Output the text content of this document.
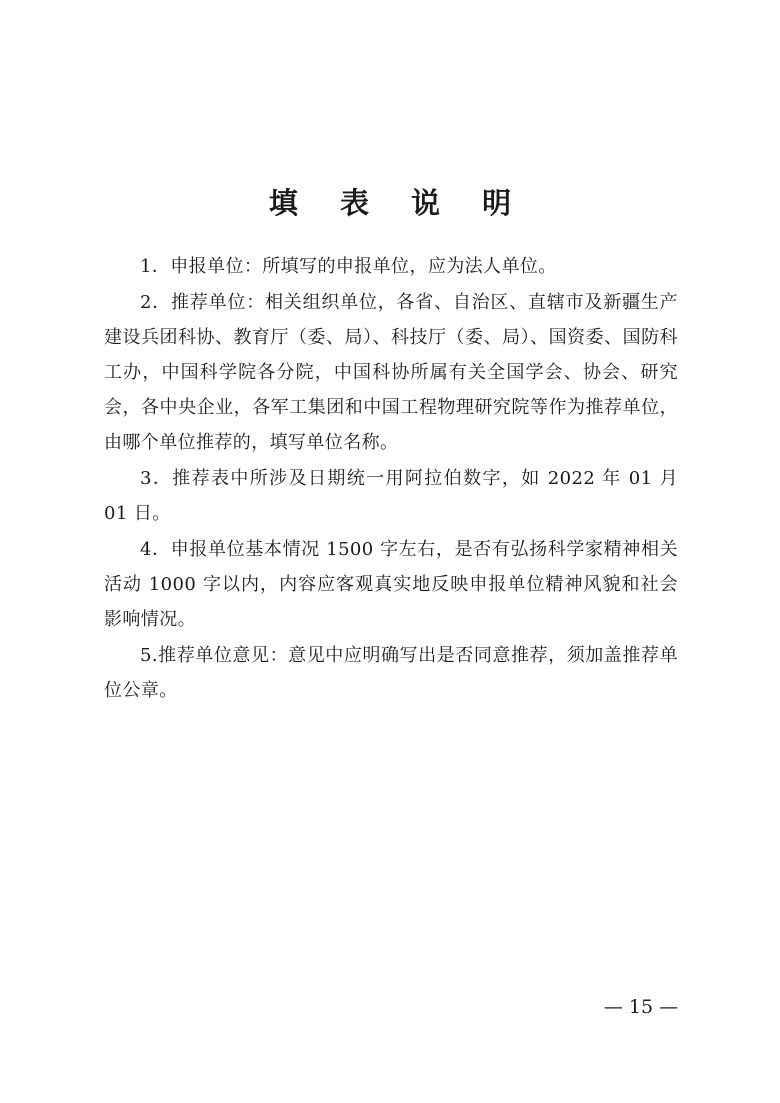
填 表 说 明

1．申报单位：所填写的申报单位，应为法人单位。

2．推荐单位：相关组织单位，各省、自治区、直辖市及新疆生产建设兵团科协、教育厅（委、局）、科技厅（委、局）、国资委、国防科工办，中国科学院各分院，中国科协所属有关全国学会、协会、研究会，各中央企业，各军工集团和中国工程物理研究院等作为推荐单位，由哪个单位推荐的，填写单位名称。

3．推荐表中所涉及日期统一用阿拉伯数字，如 2022 年 01 月 01 日。

4．申报单位基本情况 1500 字左右，是否有弘扬科学家精神相关活动 1000 字以内，内容应客观真实地反映申报单位精神风貌和社会影响情况。

5.推荐单位意见：意见中应明确写出是否同意推荐，须加盖推荐单位公章。

— 15 —
